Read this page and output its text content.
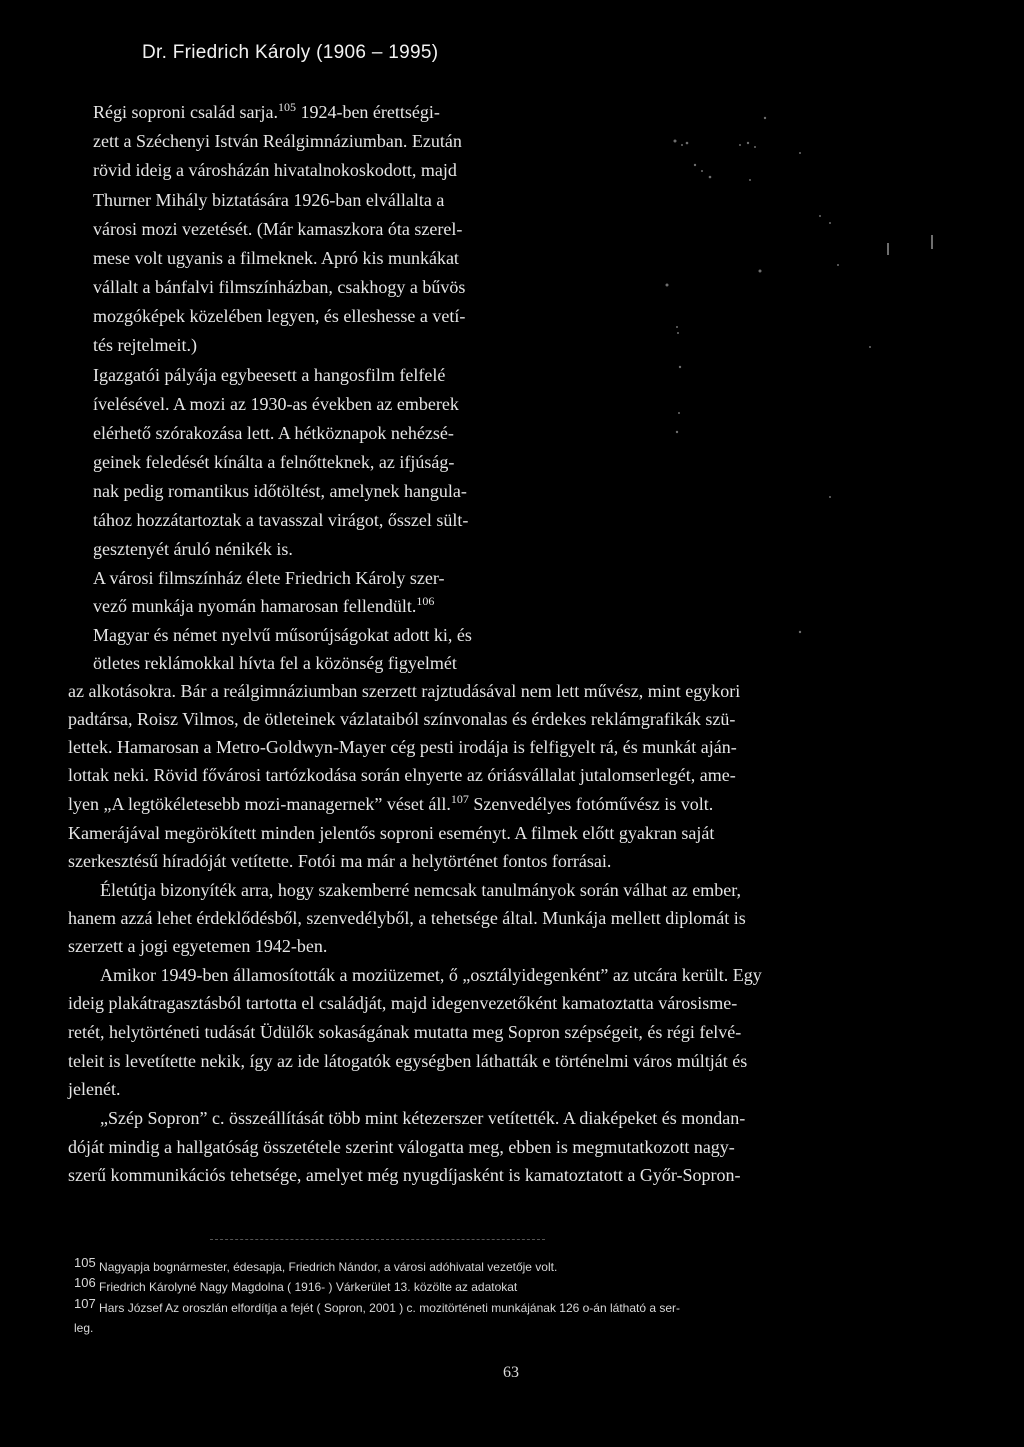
Dr. Friedrich Károly (1906 – 1995)
Régi soproni család sarja.$^{105}$ 1924-ben érettségi-
zett a Széchenyi István Reálgimnáziumban. Ezután
rövid ideig a városházán hivatalnokoskodott, majd
Thurner Mihály biztatására 1926-ban elvállalta a
városi mozi vezetését. (Már kamaszkora óta szerel-
mese volt ugyanis a filmeknek. Apró kis munkákat
vállalt a bánfalvi filmszínházban, csakhogy a bűvös
mozgóképek közelében legyen, és elleshesse a vetí-
tés rejtelmeit.)
Igazgatói pályája egybeesett a hangosfilm felfelé
ívelésével. A mozi az 1930-as években az emberek
elérhető szórakozása lett. A hétköznapok nehézsé-
geinek feledését kínálta a felnőtteknek, az ifjúság-
nak pedig romantikus időtöltést, amelynek hangula-
tához hozzátartoztak a tavasszal virágot, ősszel sült-
gesztenyét áruló nénikék is.
A városi filmszínház élete Friedrich Károly szer-
vező munkája nyomán hamarosan fellendült.$^{106}$
Magyar és német nyelvű műsorújságokat adott ki, és
ötletes reklámokkal hívta fel a közönség figyelmét
az alkotásokra. Bár a reálgimnáziumban szerzett rajztudásával nem lett művész, mint egykori
padtársa, Roisz Vilmos, de ötleteinek vázlataiból színvonalas és érdekes reklámgrafikák szü-
lettek. Hamarosan a Metro-Goldwyn-Mayer cég pesti irodája is felfigyelt rá, és munkát aján-
lottak neki. Rövid fővárosi tartózkodása során elnyerte az óriásvállalat jutalomserlegét, ame-
lyen „A legtökéletesebb mozi-managernek” véset áll.$^{107}$ Szenvedélyes fotóművész is volt.
Kamerájával megörökített minden jelentős soproni eseményt. A filmek előtt gyakran saját
szerkesztésű híradóját vetítette. Fotói ma már a helytörténet fontos forrásai.
Életútja bizonyíték arra, hogy szakemberré nemcsak tanulmányok során válhat az ember,
hanem azzá lehet érdeklődésből, szenvedélyből, a tehetsége által. Munkája mellett diplomát is
szerzett a jogi egyetemen 1942-ben.
Amikor 1949-ben államosították a moziüzemet, ő „osztályidegenként” az utcára került. Egy
ideig plakátragasztásból tartotta el családját, majd idegenvezetőként kamatoztatta városisme-
retét, helytörténeti tudását Üdülők sokaságának mutatta meg Sopron szépségeit, és régi felvé-
teleit is levetítette nekik, így az ide látogatók egységben láthatták e történelmi város múltját és
jelenét.
„Szép Sopron” c. összeállítását több mint kétezerszer vetítették. A diaképeket és mondan-
dóját mindig a hallgatóság összetétele szerint válogatta meg, ebben is megmutatkozott nagy-
szerű kommunikációs tehetsége, amelyet még nyugdíjasként is kamatoztatott a Győr-Sopron-
$^{105}$ Nagyapja bognármester, édesapja, Friedrich Nándor, a városi adóhivatal vezetője volt.
$^{106}$ Friedrich Károlyné Nagy Magdolna ( 1916- ) Várkerület 13. közölte az adatokat
$^{107}$ Hars József Az oroszlán elfordítja a fejét ( Sopron, 2001 ) c. mozitörténeti munkájának 126 o-án látható a ser-
leg.
63
